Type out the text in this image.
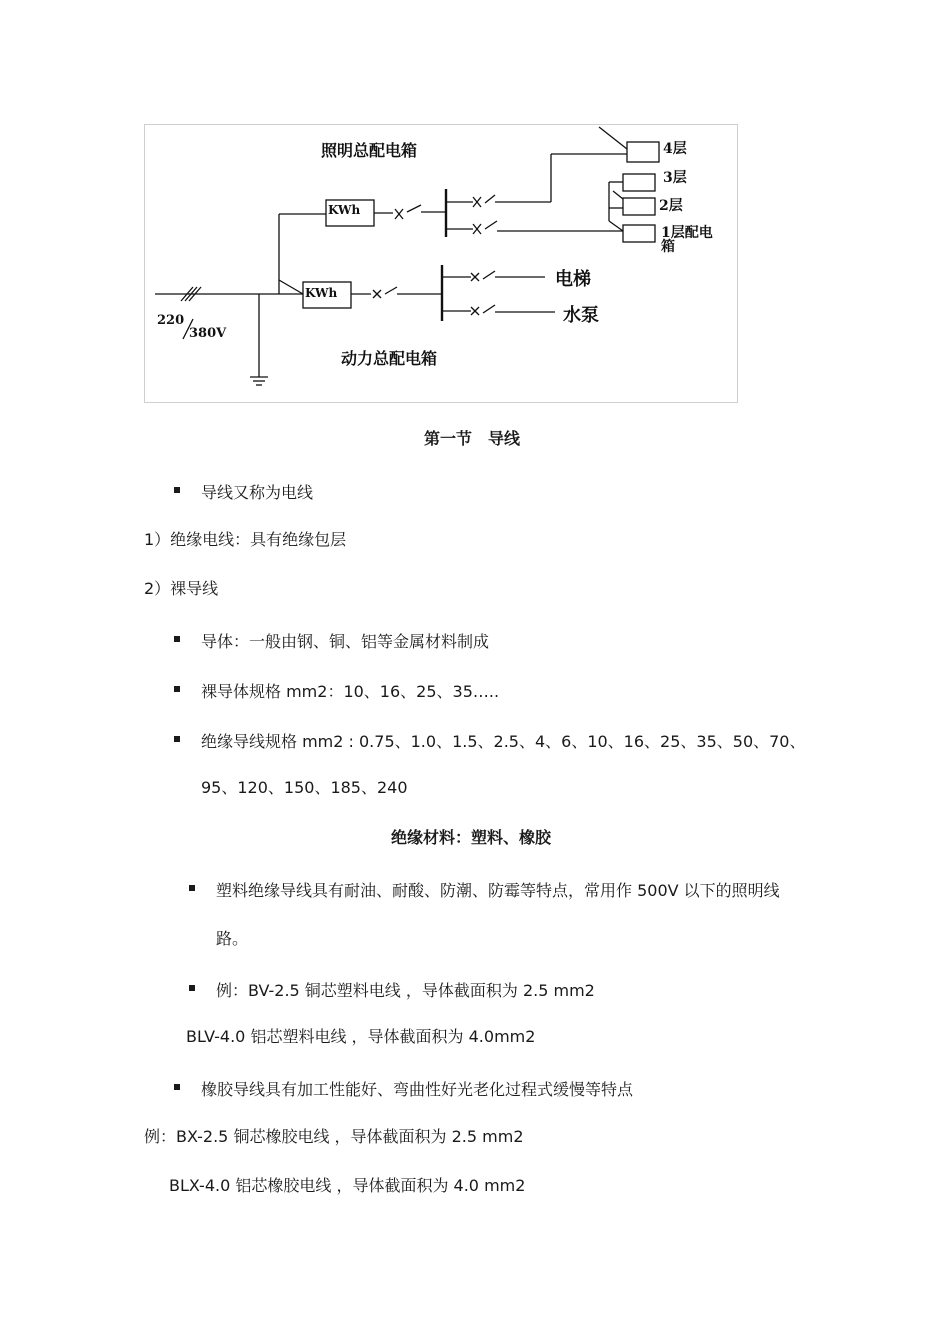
照明总配电箱
动力总配电箱
KWh
KWh
4层
3层
2层
1层配电
箱
电梯
水泵
220
380V
第一节　导线
导线又称为电线
1）绝缘电线：具有绝缘包层
2）裸导线
导体：一般由钢、铜、铝等金属材料制成
裸导体规格 mm2：10、16、25、35…..
绝缘导线规格 mm2 : 0.75、1.0、1.5、2.5、4、6、10、16、25、35、50、70、
95、120、150、185、240
绝缘材料：塑料、橡胶
塑料绝缘导线具有耐油、耐酸、防潮、防霉等特点，常用作 500V 以下的照明线
路。
例：BV-2.5 铜芯塑料电线 ，导体截面积为 2.5 mm2
BLV-4.0 铝芯塑料电线 ，导体截面积为 4.0mm2
橡胶导线具有加工性能好、弯曲性好光老化过程式缓慢等特点
例：BX-2.5 铜芯橡胶电线 ，导体截面积为 2.5 mm2
BLX-4.0 铝芯橡胶电线 ，导体截面积为 4.0 mm2
